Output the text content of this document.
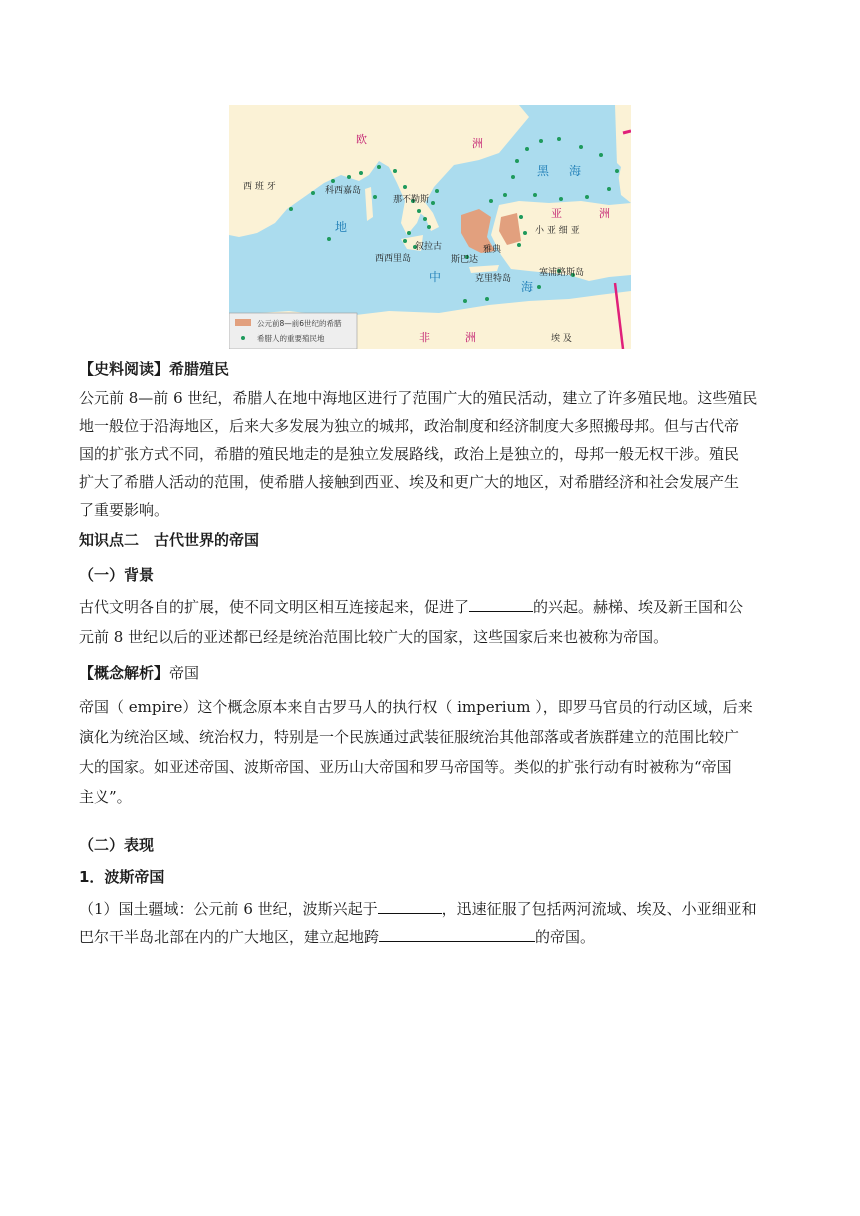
欧	洲
亚	洲
非	洲
黑 海
地
中
海
西 班 牙	科西嘉岛
那不勒斯
小 亚 细 亚
叙拉古	雅典
西西里岛	斯巴达
克里特岛
塞浦路斯岛
埃 及
公元前8—前6世纪的希腊
希腊人的重要殖民地
【史料阅读】希腊殖民
公元前 8—前 6 世纪，希腊人在地中海地区进行了范围广大的殖民活动，建立了许多殖民地。这些殖民
地一般位于沿海地区，后来大多发展为独立的城邦，政治制度和经济制度大多照搬母邦。但与古代帝
国的扩张方式不同，希腊的殖民地走的是独立发展路线，政治上是独立的，母邦一般无权干涉。殖民
扩大了希腊人活动的范围，使希腊人接触到西亚、埃及和更广大的地区，对希腊经济和社会发展产生
了重要影响。
知识点二　古代世界的帝国
（一）背景
古代文明各自的扩展，使不同文明区相互连接起来，促进了	的兴起。赫梯、埃及新王国和公
元前 8 世纪以后的亚述都已经是统治范围比较广大的国家，这些国家后来也被称为帝国。
【概念解析】帝国
帝国（ empire）这个概念原本来自古罗马人的执行权（ imperium ），即罗马官员的行动区域，后来
演化为统治区域、统治权力，特别是一个民族通过武装征服统治其他部落或者族群建立的范围比较广
大的国家。如亚述帝国、波斯帝国、亚历山大帝国和罗马帝国等。类似的扩张行动有时被称为“帝国
主义”。
（二）表现
1．波斯帝国
（1）国土疆域：公元前 6 世纪，波斯兴起于	，迅速征服了包括两河流域、埃及、小亚细亚和
巴尔干半岛北部在内的广大地区，建立起地跨	的帝国。
